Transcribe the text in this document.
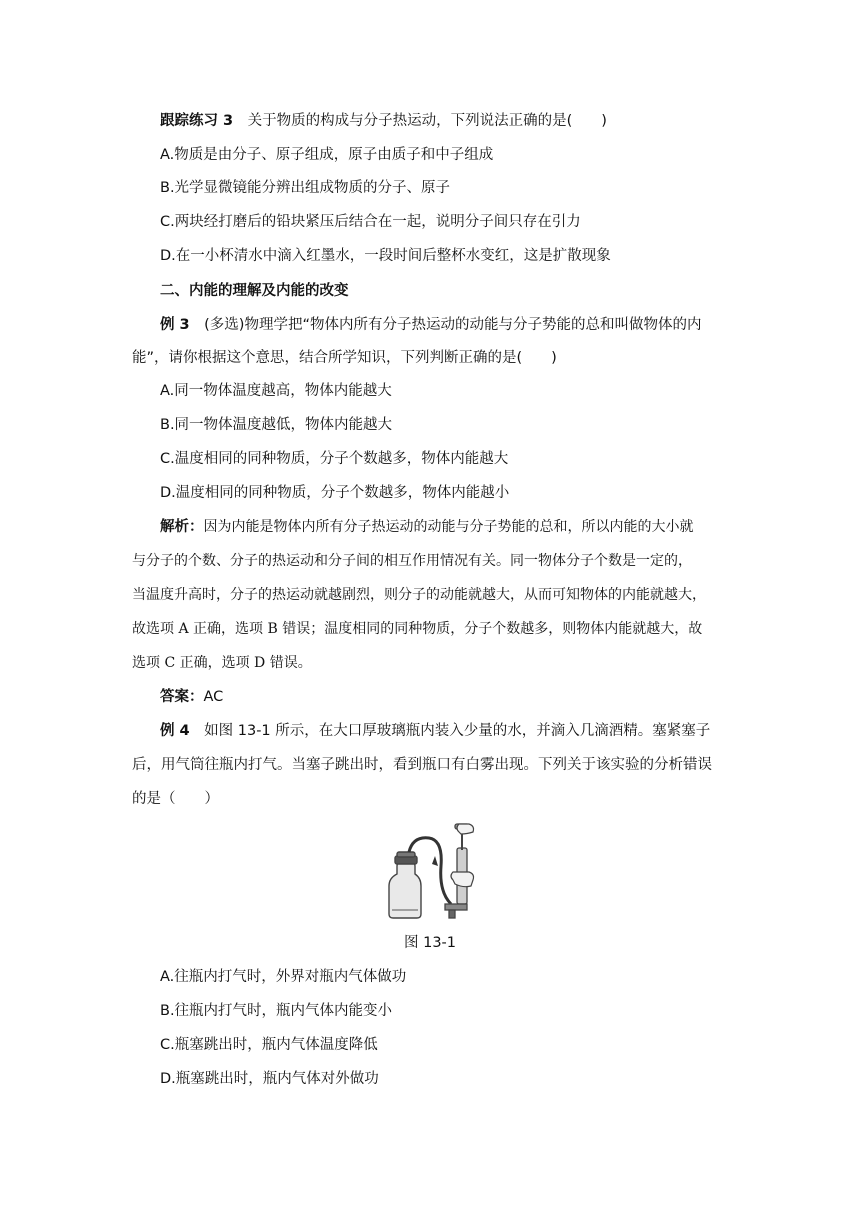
跟踪练习 3　 关于物质的构成与分子热运动，下列说法正确的是(　　)
A.物质是由分子、原子组成，原子由质子和中子组成
B.光学显微镜能分辨出组成物质的分子、原子
C.两块经打磨后的铅块紧压后结合在一起，说明分子间只存在引力
D.在一小杯清水中滴入红墨水，一段时间后整杯水变红，这是扩散现象
二、内能的理解及内能的改变
例 3　 (多选)物理学把“物体内所有分子热运动的动能与分子势能的总和叫做物体的内
能”，请你根据这个意思，结合所学知识，下列判断正确的是(　　)
A.同一物体温度越高，物体内能越大
B.同一物体温度越低，物体内能越大
C.温度相同的同种物质，分子个数越多，物体内能越大
D.温度相同的同种物质，分子个数越多，物体内能越小
解析：因为内能是物体内所有分子热运动的动能与分子势能的总和，所以内能的大小就
与分子的个数、分子的热运动和分子间的相互作用情况有关。同一物体分子个数是一定的，
当温度升高时，分子的热运动就越剧烈，则分子的动能就越大，从而可知物体的内能就越大，
故选项 A 正确，选项 B 错误；温度相同的同种物质，分子个数越多，则物体内能就越大，故
选项 C 正确，选项 D 错误。
答案：AC
例 4　 如图 13-1 所示，在大口厚玻璃瓶内装入少量的水，并滴入几滴酒精。塞紧塞子
后，用气筒往瓶内打气。当塞子跳出时，看到瓶口有白雾出现。下列关于该实验的分析错误
的是（　　）
图 13-1
A.往瓶内打气时，外界对瓶内气体做功
B.往瓶内打气时，瓶内气体内能变小
C.瓶塞跳出时，瓶内气体温度降低
D.瓶塞跳出时，瓶内气体对外做功
